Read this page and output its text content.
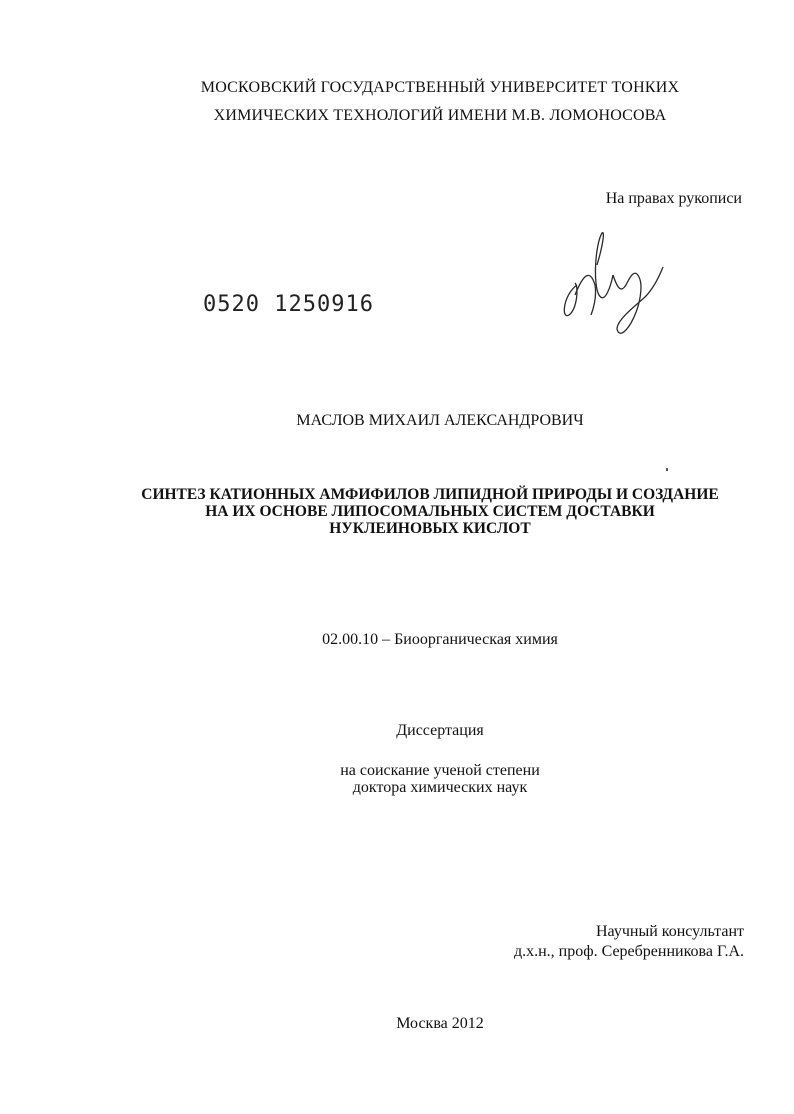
МОСКОВСКИЙ ГОСУДАРСТВЕННЫЙ УНИВЕРСИТЕТ ТОНКИХ
ХИМИЧЕСКИХ ТЕХНОЛОГИЙ ИМЕНИ М.В. ЛОМОНОСОВА
На правах рукописи
0520 1250916
МАСЛОВ МИХАИЛ АЛЕКСАНДРОВИЧ
СИНТЕЗ КАТИОННЫХ АМФИФИЛОВ ЛИПИДНОЙ ПРИРОДЫ И СОЗДАНИЕ
НА ИХ ОСНОВЕ ЛИПОСОМАЛЬНЫХ СИСТЕМ ДОСТАВКИ
НУКЛЕИНОВЫХ КИСЛОТ
02.00.10 – Биоорганическая химия
Диссертация
на соискание ученой степени
доктора химических наук
Научный консультант
д.х.н., проф. Серебренникова Г.А.
Москва 2012
